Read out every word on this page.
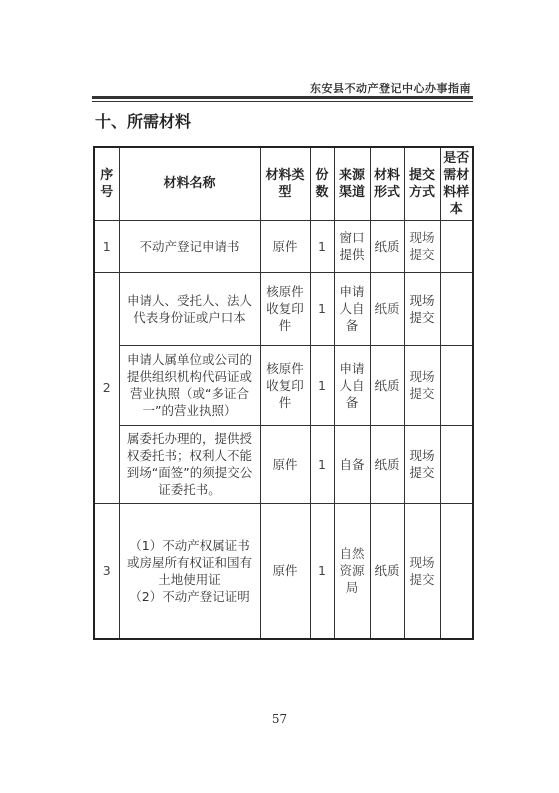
东安县不动产登记中心办事指南
十、所需材料
序号	材料名称	材料类型	份数	来源渠道	材料形式	提交方式	是否需材料样本
1	不动产登记申请书	原件	1	窗口提供	纸质	现场提交	
2	申请人、受托人、法人代表身份证或户口本	核原件收复印件	1	申请人自备	纸质	现场提交	
	申请人属单位或公司的提供组织机构代码证或营业执照（或“多证合一”的营业执照）	核原件收复印件	1	申请人自备	纸质	现场提交	
	属委托办理的，提供授权委托书；权利人不能到场“面签”的须提交公证委托书。	原件	1	自备	纸质	现场提交	
3	（1）不动产权属证书或房屋所有权证和国有土地使用证
（2）不动产登记证明	原件	1	自然资源局	纸质	现场提交	
57
